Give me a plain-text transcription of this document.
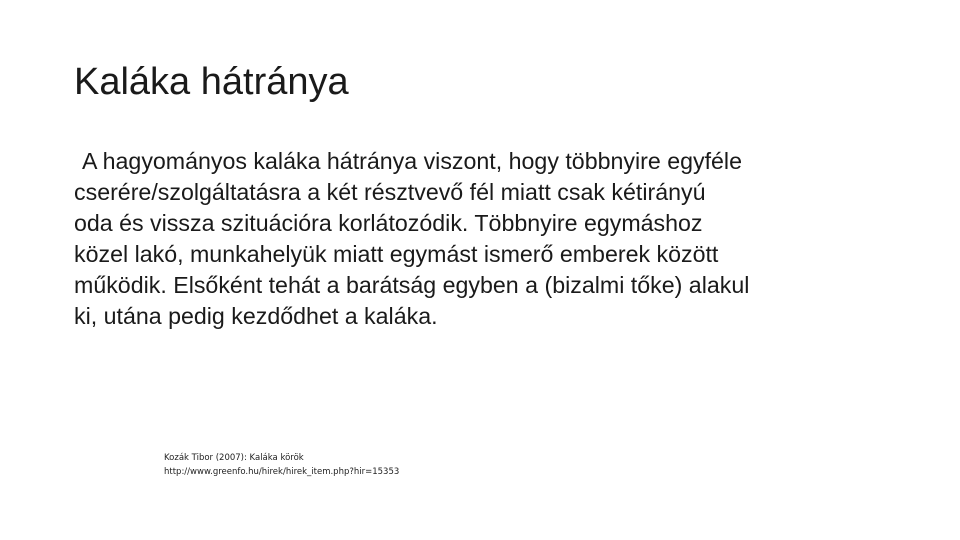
Kaláka hátránya
A hagyományos kaláka hátránya viszont, hogy többnyire egyféle
cserére/szolgáltatásra a két résztvevő fél miatt csak kétirányú
oda és vissza szituációra korlátozódik. Többnyire egymáshoz
közel lakó, munkahelyük miatt egymást ismerő emberek között
működik. Elsőként tehát a barátság egyben a (bizalmi tőke) alakul
ki, utána pedig kezdődhet a kaláka.
Kozák Tibor (2007): Kaláka körök
http://www.greenfo.hu/hirek/hirek_item.php?hir=15353
